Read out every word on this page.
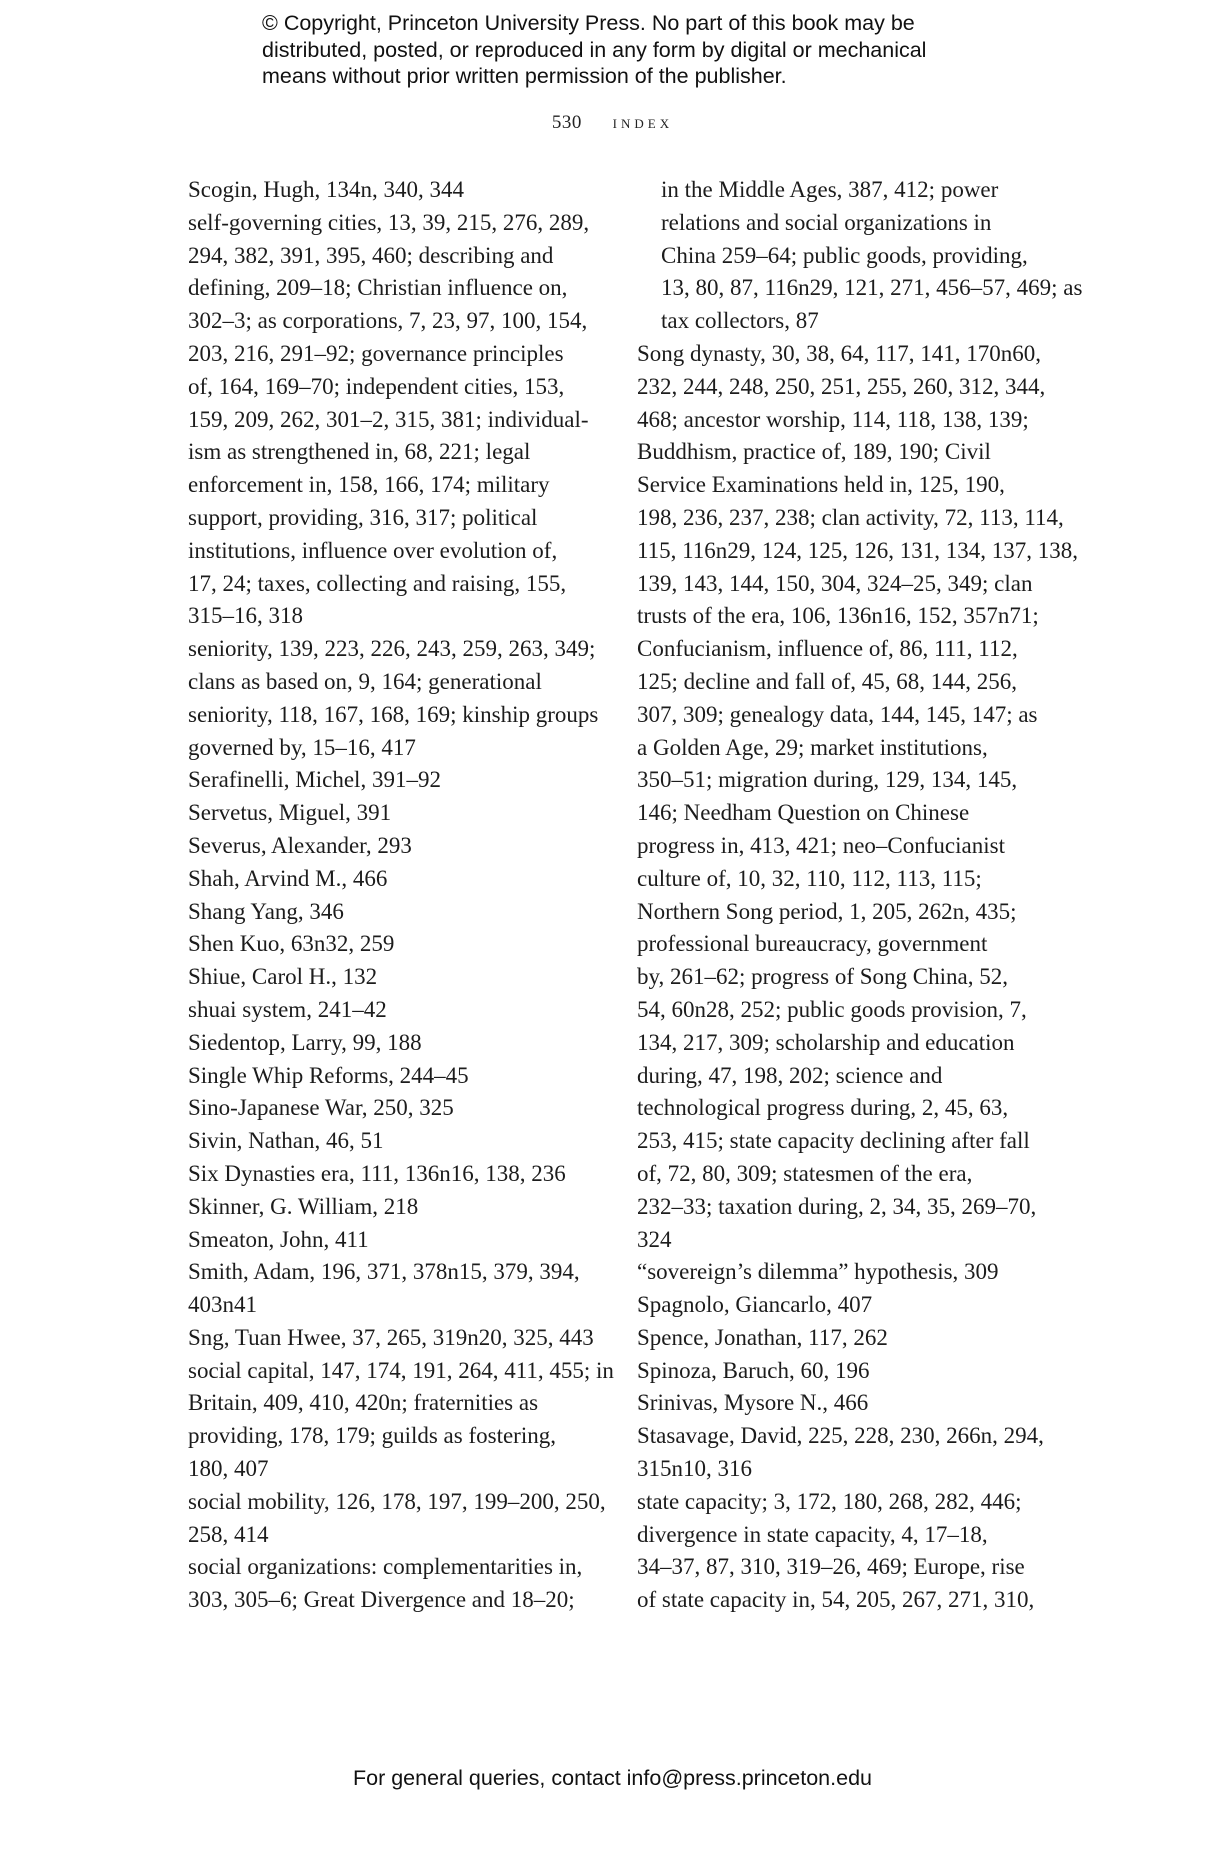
© Copyright, Princeton University Press. No part of this book may be
distributed, posted, or reproduced in any form by digital or mechanical
means without prior written permission of the publisher.
530 index
Scogin, Hugh, 134n, 340, 344
self-governing cities, 13, 39, 215, 276, 289,
294, 382, 391, 395, 460; describing and
defining, 209–18; Christian influence on,
302–3; as corporations, 7, 23, 97, 100, 154,
203, 216, 291–92; governance principles
of, 164, 169–70; independent cities, 153,
159, 209, 262, 301–2, 315, 381; individual-
ism as strengthened in, 68, 221; legal
enforcement in, 158, 166, 174; military
support, providing, 316, 317; political
institutions, influence over evolution of,
17, 24; taxes, collecting and raising, 155,
315–16, 318
seniority, 139, 223, 226, 243, 259, 263, 349;
clans as based on, 9, 164; generational
seniority, 118, 167, 168, 169; kinship groups
governed by, 15–16, 417
Serafinelli, Michel, 391–92
Servetus, Miguel, 391
Severus, Alexander, 293
Shah, Arvind M., 466
Shang Yang, 346
Shen Kuo, 63n32, 259
Shiue, Carol H., 132
shuai system, 241–42
Siedentop, Larry, 99, 188
Single Whip Reforms, 244–45
Sino-Japanese War, 250, 325
Sivin, Nathan, 46, 51
Six Dynasties era, 111, 136n16, 138, 236
Skinner, G. William, 218
Smeaton, John, 411
Smith, Adam, 196, 371, 378n15, 379, 394,
403n41
Sng, Tuan Hwee, 37, 265, 319n20, 325, 443
social capital, 147, 174, 191, 264, 411, 455; in
Britain, 409, 410, 420n; fraternities as
providing, 178, 179; guilds as fostering,
180, 407
social mobility, 126, 178, 197, 199–200, 250,
258, 414
social organizations: complementarities in,
303, 305–6; Great Divergence and 18–20;
in the Middle Ages, 387, 412; power
relations and social organizations in
China 259–64; public goods, providing,
13, 80, 87, 116n29, 121, 271, 456–57, 469; as
tax collectors, 87
Song dynasty, 30, 38, 64, 117, 141, 170n60,
232, 244, 248, 250, 251, 255, 260, 312, 344,
468; ancestor worship, 114, 118, 138, 139;
Buddhism, practice of, 189, 190; Civil
Service Examinations held in, 125, 190,
198, 236, 237, 238; clan activity, 72, 113, 114,
115, 116n29, 124, 125, 126, 131, 134, 137, 138,
139, 143, 144, 150, 304, 324–25, 349; clan
trusts of the era, 106, 136n16, 152, 357n71;
Confucianism, influence of, 86, 111, 112,
125; decline and fall of, 45, 68, 144, 256,
307, 309; genealogy data, 144, 145, 147; as
a Golden Age, 29; market institutions,
350–51; migration during, 129, 134, 145,
146; Needham Question on Chinese
progress in, 413, 421; neo–Confucianist
culture of, 10, 32, 110, 112, 113, 115;
Northern Song period, 1, 205, 262n, 435;
professional bureaucracy, government
by, 261–62; progress of Song China, 52,
54, 60n28, 252; public goods provision, 7,
134, 217, 309; scholarship and education
during, 47, 198, 202; science and
technological progress during, 2, 45, 63,
253, 415; state capacity declining after fall
of, 72, 80, 309; statesmen of the era,
232–33; taxation during, 2, 34, 35, 269–70,
324
“sovereign’s dilemma” hypothesis, 309
Spagnolo, Giancarlo, 407
Spence, Jonathan, 117, 262
Spinoza, Baruch, 60, 196
Srinivas, Mysore N., 466
Stasavage, David, 225, 228, 230, 266n, 294,
315n10, 316
state capacity; 3, 172, 180, 268, 282, 446;
divergence in state capacity, 4, 17–18,
34–37, 87, 310, 319–26, 469; Europe, rise
of state capacity in, 54, 205, 267, 271, 310,
For general queries, contact info@press.princeton.edu
